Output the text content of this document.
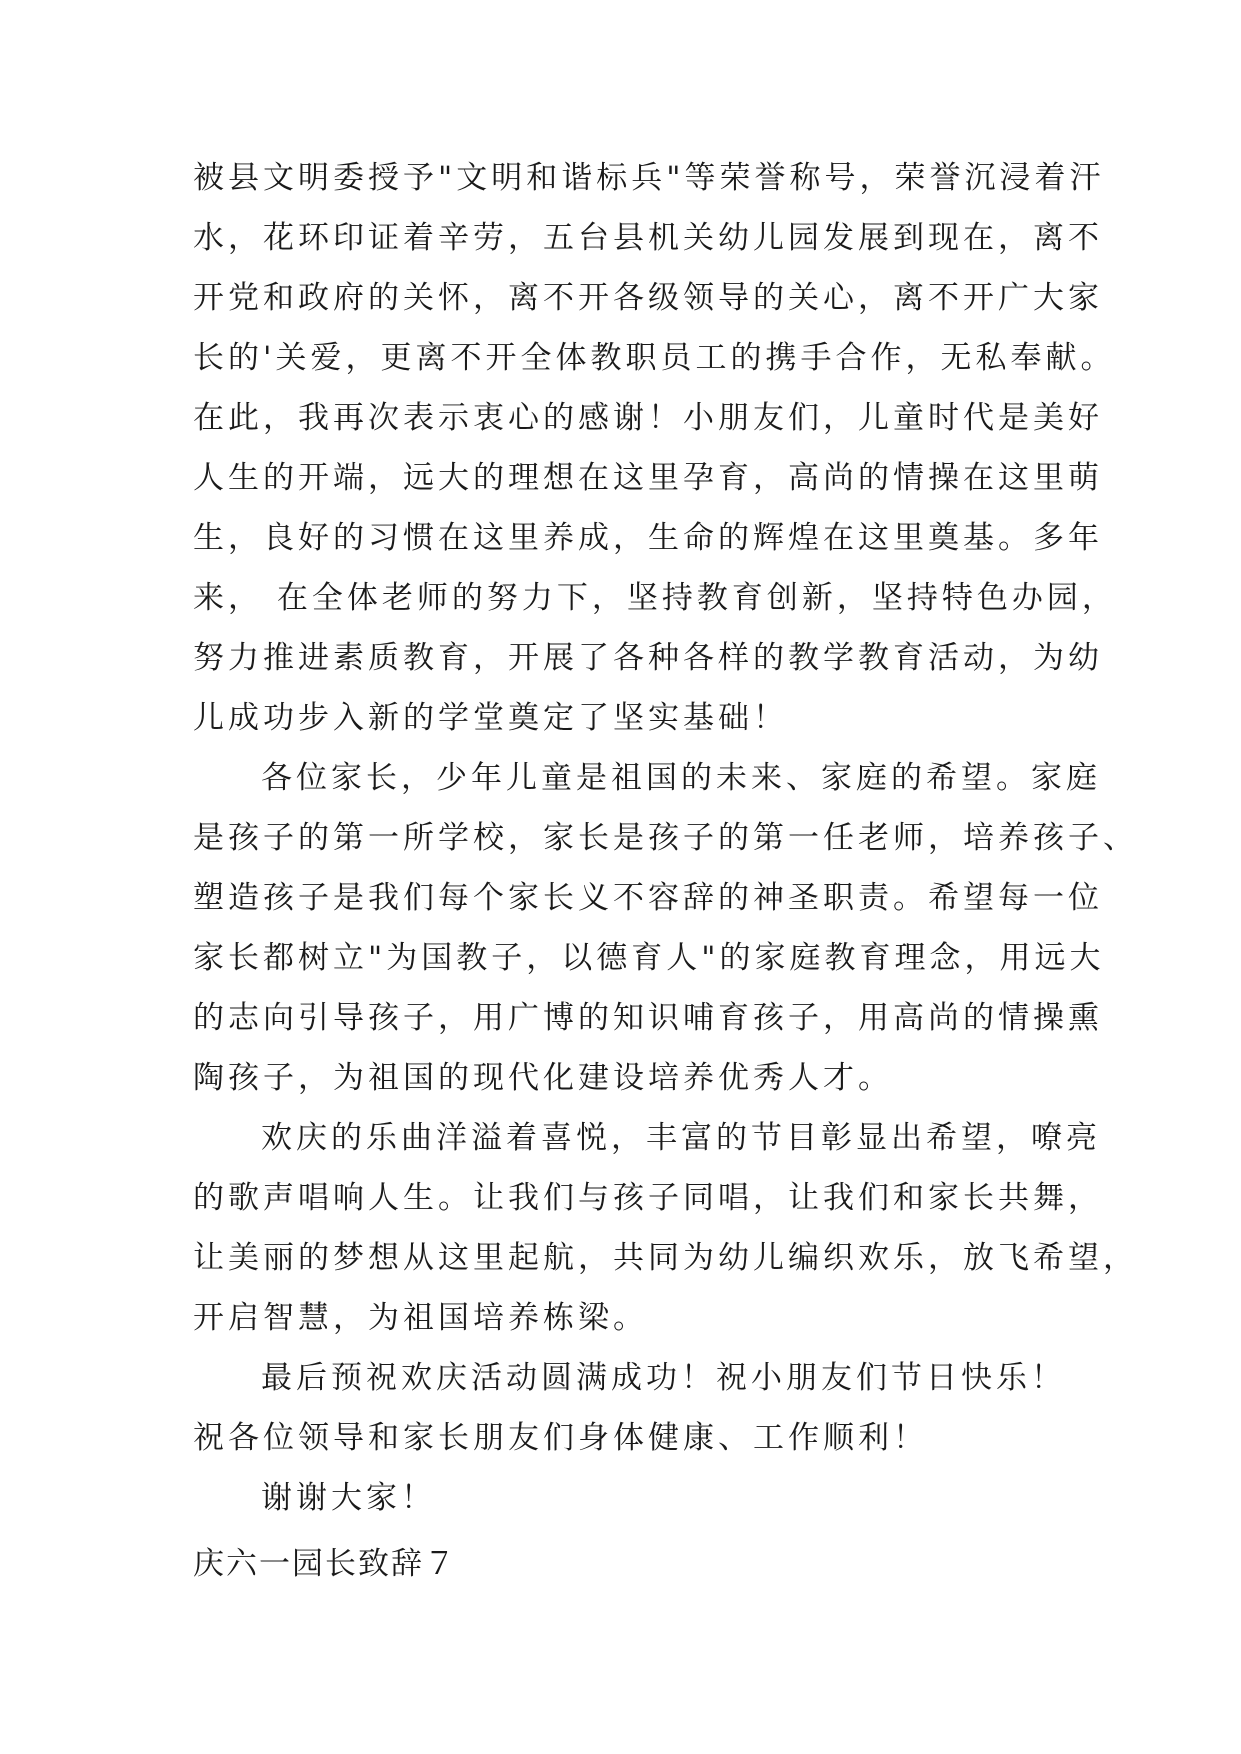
被县文明委授予"文明和谐标兵"等荣誉称号，荣誉沉浸着汗
水，花环印证着辛劳，五台县机关幼儿园发展到现在，离不
开党和政府的关怀，离不开各级领导的关心，离不开广大家
长的'关爱，更离不开全体教职员工的携手合作，无私奉献。
在此，我再次表示衷心的感谢！小朋友们，儿童时代是美好
人生的开端，远大的理想在这里孕育，高尚的情操在这里萌
生，良好的习惯在这里养成，生命的辉煌在这里奠基。多年
来， 在全体老师的努力下，坚持教育创新，坚持特色办园，
努力推进素质教育，开展了各种各样的教学教育活动，为幼
儿成功步入新的学堂奠定了坚实基础！
各位家长，少年儿童是祖国的未来、家庭的希望。家庭
是孩子的第一所学校，家长是孩子的第一任老师，培养孩子、
塑造孩子是我们每个家长义不容辞的神圣职责。希望每一位
家长都树立"为国教子，以德育人"的家庭教育理念，用远大
的志向引导孩子，用广博的知识哺育孩子，用高尚的情操熏
陶孩子，为祖国的现代化建设培养优秀人才。
欢庆的乐曲洋溢着喜悦，丰富的节目彰显出希望，嘹亮
的歌声唱响人生。让我们与孩子同唱，让我们和家长共舞，
让美丽的梦想从这里起航，共同为幼儿编织欢乐，放飞希望，
开启智慧，为祖国培养栋梁。
最后预祝欢庆活动圆满成功！祝小朋友们节日快乐！
祝各位领导和家长朋友们身体健康、工作顺利！
谢谢大家！
庆六一园长致辞７
